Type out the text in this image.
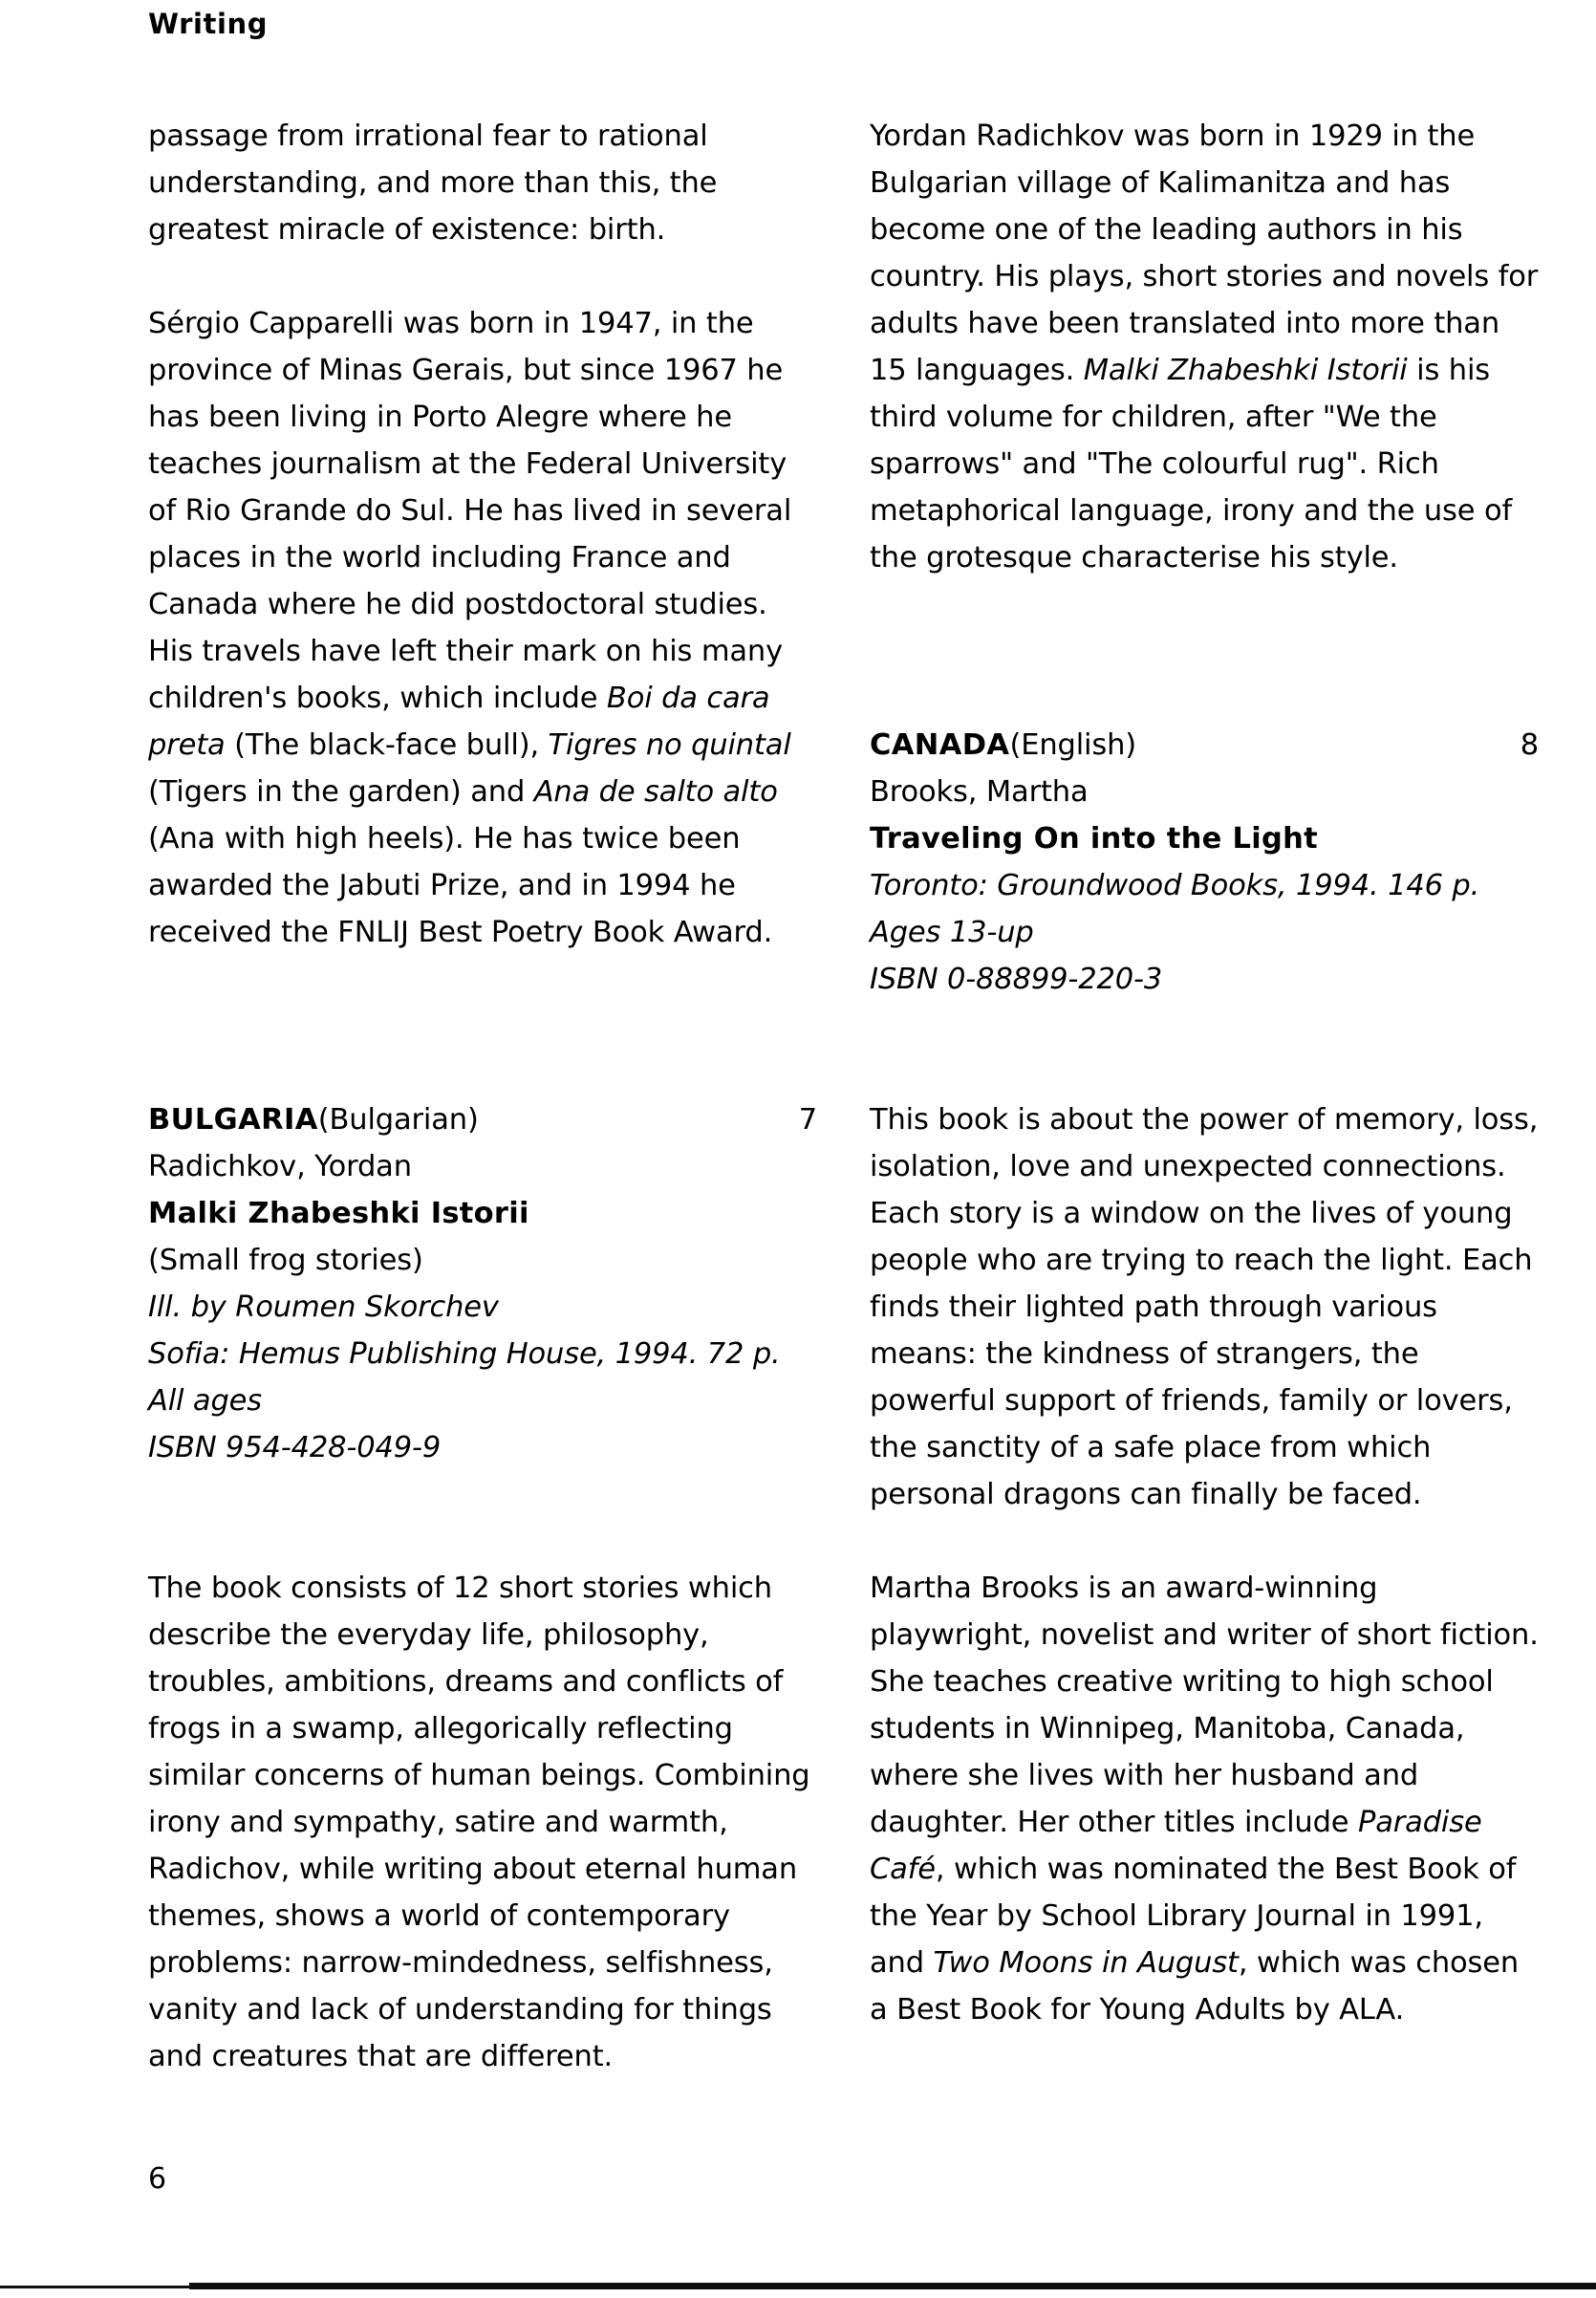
Writing

passage from irrational fear to rational understanding, and more than this, the greatest miracle of existence: birth.

Sérgio Capparelli was born in 1947, in the province of Minas Gerais, but since 1967 he has been living in Porto Alegre where he teaches journalism at the Federal University of Rio Grande do Sul. He has lived in several places in the world including France and Canada where he did postdoctoral studies. His travels have left their mark on his many children's books, which include Boi da cara preta (The black-face bull), Tigres no quintal (Tigers in the garden) and Ana de salto alto (Ana with high heels). He has twice been awarded the Jabuti Prize, and in 1994 he received the FNLIJ Best Poetry Book Award.

BULGARIA(Bulgarian)	7
Radichkov, Yordan
Malki Zhabeshki Istorii
(Small frog stories)
Ill. by Roumen Skorchev
Sofia: Hemus Publishing House, 1994. 72 p.
All ages
ISBN 954-428-049-9

The book consists of 12 short stories which describe the everyday life, philosophy, troubles, ambitions, dreams and conflicts of frogs in a swamp, allegorically reflecting similar concerns of human beings. Combining irony and sympathy, satire and warmth, Radichov, while writing about eternal human themes, shows a world of contemporary problems: narrow-mindedness, selfishness, vanity and lack of understanding for things and creatures that are different.

Yordan Radichkov was born in 1929 in the Bulgarian village of Kalimanitza and has become one of the leading authors in his country. His plays, short stories and novels for adults have been translated into more than 15 languages. Malki Zhabeshki Istorii is his third volume for children, after "We the sparrows" and "The colourful rug". Rich metaphorical language, irony and the use of the grotesque characterise his style.

CANADA(English)	8
Brooks, Martha
Traveling On into the Light
Toronto: Groundwood Books, 1994. 146 p.
Ages 13-up
ISBN 0-88899-220-3

This book is about the power of memory, loss, isolation, love and unexpected connections. Each story is a window on the lives of young people who are trying to reach the light. Each finds their lighted path through various means: the kindness of strangers, the powerful support of friends, family or lovers, the sanctity of a safe place from which personal dragons can finally be faced.

Martha Brooks is an award-winning playwright, novelist and writer of short fiction. She teaches creative writing to high school students in Winnipeg, Manitoba, Canada, where she lives with her husband and daughter. Her other titles include Paradise Café, which was nominated the Best Book of the Year by School Library Journal in 1991, and Two Moons in August, which was chosen a Best Book for Young Adults by ALA.

6
